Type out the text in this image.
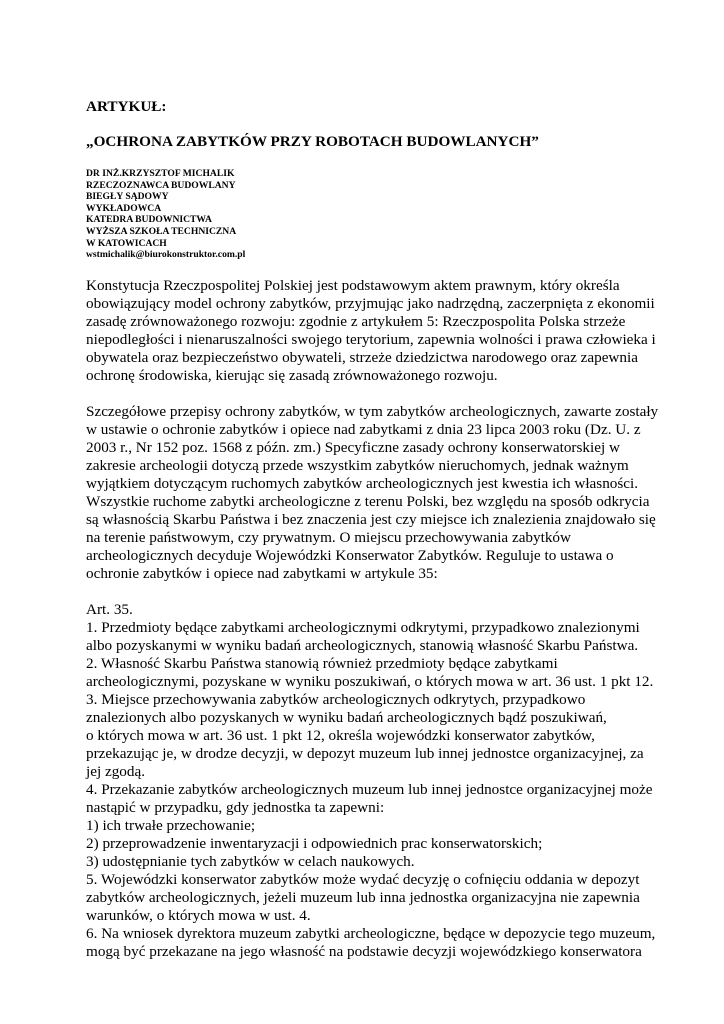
ARTYKUŁ:

„OCHRONA ZABYTKÓW PRZY ROBOTACH BUDOWLANYCH”

DR INŻ.KRZYSZTOF MICHALIK
RZECZOZNAWCA BUDOWLANY
BIEGŁY SĄDOWY
WYKŁADOWCA
KATEDRA BUDOWNICTWA
WYŻSZA SZKOŁA TECHNICZNA
W KATOWICACH
wstmichalik@biurokonstruktor.com.pl

Konstytucja Rzeczpospolitej Polskiej jest podstawowym aktem prawnym, który określa
obowiązujący model ochrony zabytków, przyjmując jako nadrzędną, zaczerpnięta z ekonomii
zasadę zrównoważonego rozwoju: zgodnie z artykułem 5: Rzeczpospolita Polska strzeże
niepodległości i nienaruszalności swojego terytorium, zapewnia wolności i prawa człowieka i
obywatela oraz bezpieczeństwo obywateli, strzeże dziedzictwa narodowego oraz zapewnia
ochronę środowiska, kierując się zasadą zrównoważonego rozwoju.

Szczegółowe przepisy ochrony zabytków, w tym zabytków archeologicznych, zawarte zostały
w ustawie o ochronie zabytków i opiece nad zabytkami z dnia 23 lipca 2003 roku (Dz. U. z
2003 r., Nr 152 poz. 1568 z późn. zm.) Specyficzne zasady ochrony konserwatorskiej w
zakresie archeologii dotyczą przede wszystkim zabytków nieruchomych, jednak ważnym
wyjątkiem dotyczącym ruchomych zabytków archeologicznych jest kwestia ich własności.
Wszystkie ruchome zabytki archeologiczne z terenu Polski, bez względu na sposób odkrycia
są własnością Skarbu Państwa i bez znaczenia jest czy miejsce ich znalezienia znajdowało się
na terenie państwowym, czy prywatnym. O miejscu przechowywania zabytków
archeologicznych decyduje Wojewódzki Konserwator Zabytków. Reguluje to ustawa o
ochronie zabytków i opiece nad zabytkami w artykule 35:

Art. 35.
1. Przedmioty będące zabytkami archeologicznymi odkrytymi, przypadkowo znalezionymi
albo pozyskanymi w wyniku badań archeologicznych, stanowią własność Skarbu Państwa.
2. Własność Skarbu Państwa stanowią również przedmioty będące zabytkami
archeologicznymi, pozyskane w wyniku poszukiwań, o których mowa w art. 36 ust. 1 pkt 12.
3. Miejsce przechowywania zabytków archeologicznych odkrytych, przypadkowo
znalezionych albo pozyskanych w wyniku badań archeologicznych bądź poszukiwań,
o których mowa w art. 36 ust. 1 pkt 12, określa wojewódzki konserwator zabytków,
przekazując je, w drodze decyzji, w depozyt muzeum lub innej jednostce organizacyjnej, za
jej zgodą.
4. Przekazanie zabytków archeologicznych muzeum lub innej jednostce organizacyjnej może
nastąpić w przypadku, gdy jednostka ta zapewni:
1) ich trwałe przechowanie;
2) przeprowadzenie inwentaryzacji i odpowiednich prac konserwatorskich;
3) udostępnianie tych zabytków w celach naukowych.
5. Wojewódzki konserwator zabytków może wydać decyzję o cofnięciu oddania w depozyt
zabytków archeologicznych, jeżeli muzeum lub inna jednostka organizacyjna nie zapewnia
warunków, o których mowa w ust. 4.
6. Na wniosek dyrektora muzeum zabytki archeologiczne, będące w depozycie tego muzeum,
mogą być przekazane na jego własność na podstawie decyzji wojewódzkiego konserwatora
